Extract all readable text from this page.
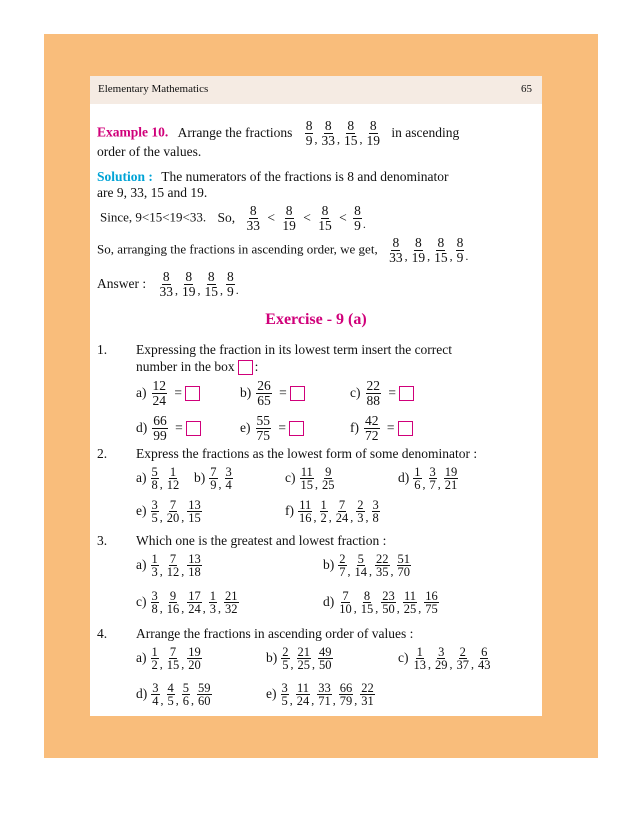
Elementary Mathematics	65
Example 10. Arrange the fractions $\frac{8}{9}$ , $\frac{8}{33}$ , $\frac{8}{15}$ , $\frac{8}{19}$ in ascending
order of the values.
Solution : The numerators of the fractions is 8 and denominator
are 9, 33, 15 and 19.
Since, 9<15<19<33. So, $\frac{8}{33} < \frac{8}{19} < \frac{8}{15} < \frac{8}{9}$ .
So, arranging the fractions in ascending order, we get, $\frac{8}{33}$ , $\frac{8}{19}$ , $\frac{8}{15}$ , $\frac{8}{9}$ .
Answer : $\frac{8}{33}$ , $\frac{8}{19}$ , $\frac{8}{15}$ , $\frac{8}{9}$ .
Exercise - 9 (a)
1. Expressing the fraction in its lowest term insert the correct
number in the box :
$a) \frac{12}{24}$ =	$b) \frac{26}{65}$ =	$c) \frac{22}{88}$ =
$d) \frac{66}{99}$ =	$e) \frac{55}{75}$ =	$f) \frac{42}{72}$ =
2. Express the fractions as the lowest form of some denominator :
$a) \frac{5}{8}$ , $\frac{1}{12} b) \frac{7}{9}$ , $\frac{3}{4}$	$c) \frac{11}{15}$ , $\frac{9}{25}$	$d) \frac{1}{6}$ , $\frac{3}{7}$ , $\frac{19}{21}$
$e) \frac{3}{5}$ , $\frac{7}{20}$ , $\frac{13}{15}$	$f) \frac{11}{16}$ , $\frac{1}{2}$ , $\frac{7}{24}$ , $\frac{2}{3}$ , $\frac{3}{8}$
3. Which one is the greatest and lowest fraction :
$a) \frac{1}{3}$ , $\frac{7}{12}$ , $\frac{13}{18}$	$b) \frac{2}{7}$ , $\frac{5}{14}$ , $\frac{22}{35}$ , $\frac{51}{70}$
$c) \frac{3}{8}$ , $\frac{9}{16}$ , $\frac{17}{24}$ , $\frac{1}{3}$ , $\frac{21}{32}$	$d) \frac{7}{10}$ , $\frac{8}{15}$ , $\frac{23}{50}$ , $\frac{11}{25}$ , $\frac{16}{75}$
4. Arrange the fractions in ascending order of values :
$a) \frac{1}{2}$ , $\frac{7}{15}$ , $\frac{19}{20}$	$b) \frac{2}{5}$ , $\frac{21}{25}$ , $\frac{49}{50}$	$c) \frac{1}{13}$ , $\frac{3}{29}$ , $\frac{2}{37}$ , $\frac{6}{43}$
$d) \frac{3}{4}$ , $\frac{4}{5}$ , $\frac{5}{6}$ , $\frac{59}{60}$	$e) \frac{3}{5}$ , $\frac{11}{24}$ , $\frac{33}{71}$ , $\frac{66}{79}$ , $\frac{22}{31}$
